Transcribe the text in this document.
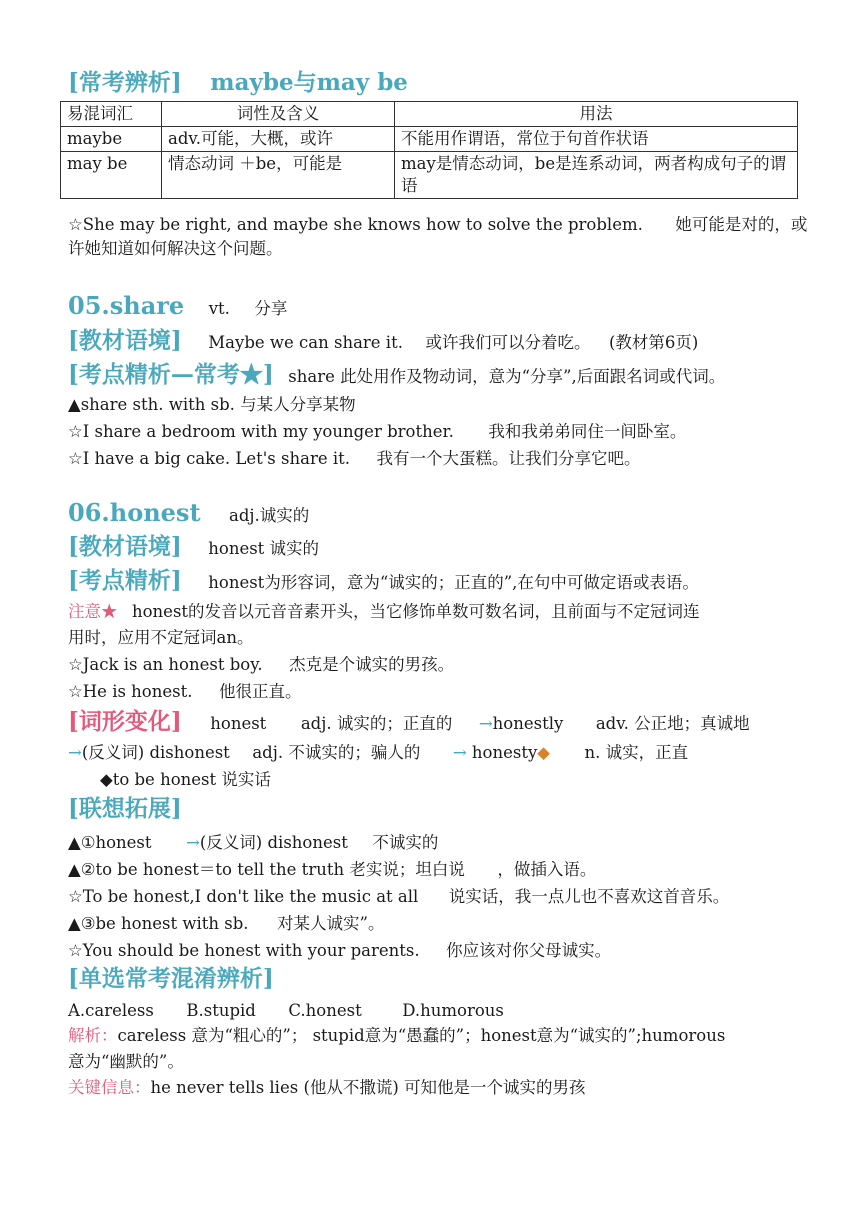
[常考辨析] maybe与may be
易混词汇	词性及含义	用法
maybe	adv.可能，大概，或许	不能用作谓语，常位于句首作状语
may be	情态动词 ＋be，可能是	may是情态动词，be是连系动词，两者构成句子的谓语
☆She may be right, and maybe she knows how to solve the problem. 她可能是对的，或
许她知道如何解决这个问题。
05.share vt. 分享
[教材语境] Maybe we can share it. 或许我们可以分着吃。 (教材第6页)
[考点精析—常考★] share 此处用作及物动词，意为“分享”,后面跟名词或代词。
▲share sth. with sb. 与某人分享某物
☆I share a bedroom with my younger brother. 我和我弟弟同住一间卧室。
☆I have a big cake. Let's share it. 我有一个大蛋糕。让我们分享它吧。
06.honest adj.诚实的
[教材语境] honest 诚实的
[考点精析] honest为形容词，意为“诚实的；正直的”,在句中可做定语或表语。
注意★ honest的发音以元音音素开头，当它修饰单数可数名词，且前面与不定冠词连
用时，应用不定冠词an。
☆Jack is an honest boy. 杰克是个诚实的男孩。
☆He is honest. 他很正直。
[词形变化] honest adj. 诚实的；正直的 →honestly adv. 公正地；真诚地
→(反义词) dishonest adj. 不诚实的；骗人的 → honesty◆ n. 诚实，正直
◆to be honest 说实话
[联想拓展]
▲①honest →(反义词) dishonest 不诚实的
▲②to be honest＝to tell the truth 老实说；坦白说 ，做插入语。
☆To be honest,I don't like the music at all 说实话，我一点儿也不喜欢这首音乐。
▲③be honest with sb. 对某人诚实”。
☆You should be honest with your parents. 你应该对你父母诚实。
[单选常考混淆辨析]
A.careless B.stupid C.honest D.humorous
解析：careless 意为“粗心的”； stupid意为“愚蠢的”；honest意为“诚实的”;humorous
意为“幽默的”。
关键信息：he never tells lies (他从不撒谎) 可知他是一个诚实的男孩
